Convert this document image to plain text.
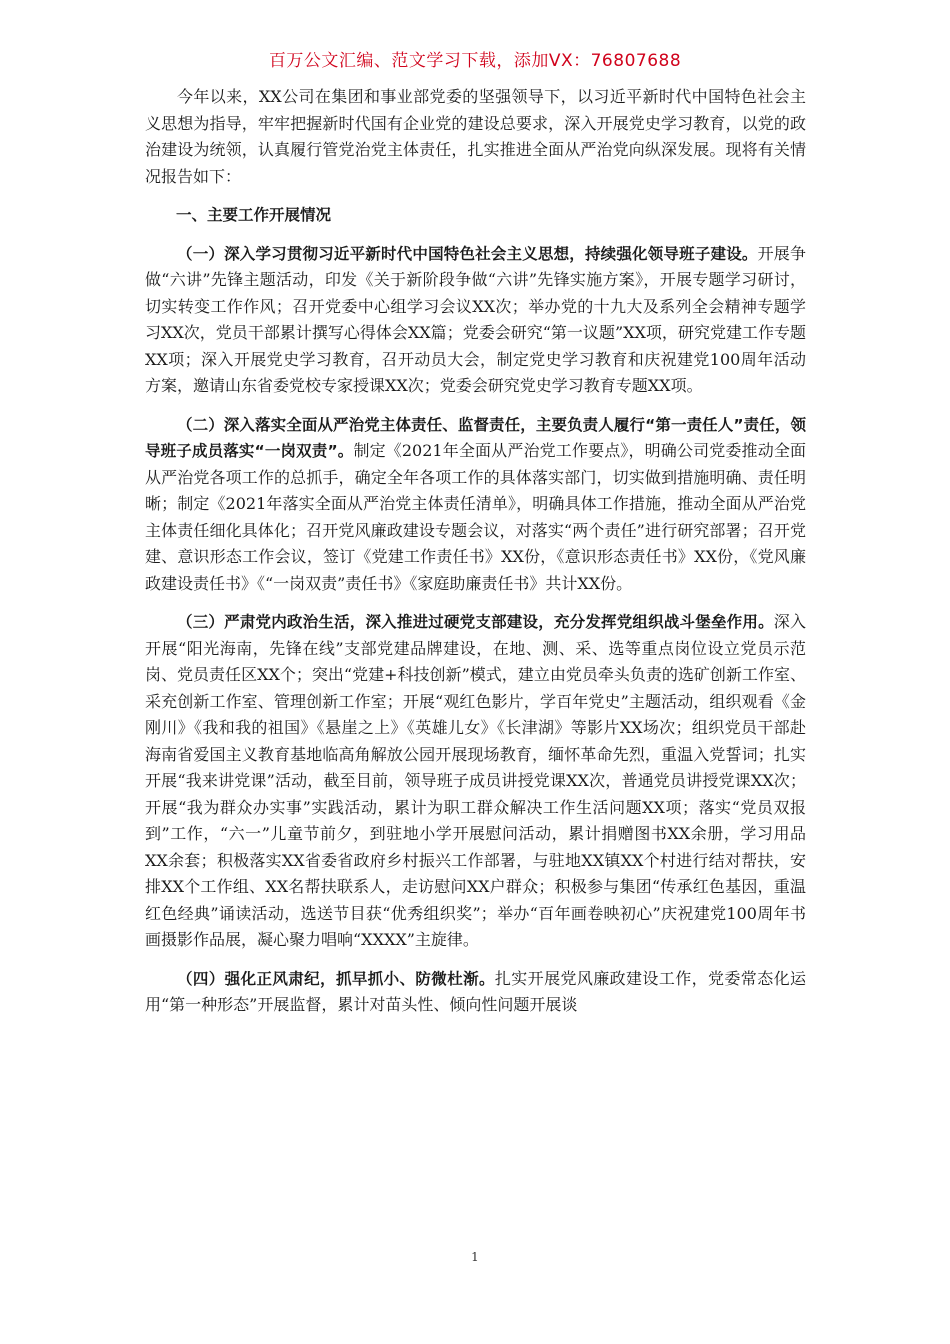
百万公文汇编、范文学习下载，添加VX：76807688

今年以来，XX公司在集团和事业部党委的坚强领导下，以习近平新时代中国特色社会主义思想为指导，牢牢把握新时代国有企业党的建设总要求，深入开展党史学习教育，以党的政治建设为统领，认真履行管党治党主体责任，扎实推进全面从严治党向纵深发展。现将有关情况报告如下：

一、主要工作开展情况

（一）深入学习贯彻习近平新时代中国特色社会主义思想，持续强化领导班子建设。开展争做“六讲”先锋主题活动，印发《关于新阶段争做“六讲”先锋实施方案》，开展专题学习研讨，切实转变工作作风；召开党委中心组学习会议XX次；举办党的十九大及系列全会精神专题学习XX次，党员干部累计撰写心得体会XX篇；党委会研究“第一议题”XX项，研究党建工作专题XX项；深入开展党史学习教育，召开动员大会，制定党史学习教育和庆祝建党100周年活动方案，邀请山东省委党校专家授课XX次；党委会研究党史学习教育专题XX项。

（二）深入落实全面从严治党主体责任、监督责任，主要负责人履行“第一责任人”责任，领导班子成员落实“一岗双责”。制定《2021年全面从严治党工作要点》，明确公司党委推动全面从严治党各项工作的总抓手，确定全年各项工作的具体落实部门，切实做到措施明确、责任明晰；制定《2021年落实全面从严治党主体责任清单》，明确具体工作措施，推动全面从严治党主体责任细化具体化；召开党风廉政建设专题会议，对落实“两个责任”进行研究部署；召开党建、意识形态工作会议，签订《党建工作责任书》XX份，《意识形态责任书》XX份，《党风廉政建设责任书》《“一岗双责”责任书》《家庭助廉责任书》共计XX份。

（三）严肃党内政治生活，深入推进过硬党支部建设，充分发挥党组织战斗堡垒作用。深入开展“阳光海南，先锋在线”支部党建品牌建设，在地、测、采、选等重点岗位设立党员示范岗、党员责任区XX个；突出“党建+科技创新”模式，建立由党员牵头负责的选矿创新工作室、采充创新工作室、管理创新工作室；开展“观红色影片，学百年党史”主题活动，组织观看《金刚川》《我和我的祖国》《悬崖之上》《英雄儿女》《长津湖》等影片XX场次；组织党员干部赴海南省爱国主义教育基地临高角解放公园开展现场教育，缅怀革命先烈，重温入党誓词；扎实开展“我来讲党课”活动，截至目前，领导班子成员讲授党课XX次，普通党员讲授党课XX次；开展“我为群众办实事”实践活动，累计为职工群众解决工作生活问题XX项；落实“党员双报到”工作，“六一”儿童节前夕，到驻地小学开展慰问活动，累计捐赠图书XX余册，学习用品XX余套；积极落实XX省委省政府乡村振兴工作部署，与驻地XX镇XX个村进行结对帮扶，安排XX个工作组、XX名帮扶联系人，走访慰问XX户群众；积极参与集团“传承红色基因，重温红色经典”诵读活动，选送节目获“优秀组织奖”；举办“百年画卷映初心”庆祝建党100周年书画摄影作品展，凝心聚力唱响“XXXX”主旋律。

（四）强化正风肃纪，抓早抓小、防微杜渐。扎实开展党风廉政建设工作，党委常态化运用“第一种形态”开展监督，累计对苗头性、倾向性问题开展谈

1
